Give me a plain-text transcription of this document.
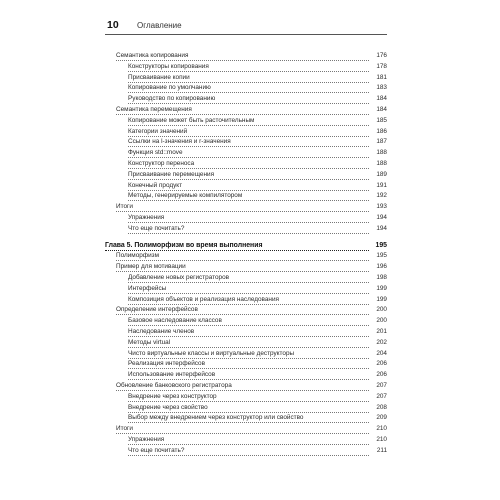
10 Оглавление
Семантика копирования	176
Конструкторы копирования	178
Присваивание копии	181
Копирование по умолчанию	183
Руководство по копированию	184
Семантика перемещения	184
Копирование может быть расточительным	185
Категории значений	186
Ссылки на l-значения и r-значения	187
Функция std::move	188
Конструктор переноса	188
Присваивание перемещения	189
Конечный продукт	191
Методы, генерируемые компилятором	192
Итоги	193
Упражнения	194
Что еще почитать?	194
Глава 5. Полиморфизм во время выполнения	195
Полиморфизм	195
Пример для мотивации	196
Добавление новых регистраторов	198
Интерфейсы	199
Композиция объектов и реализация наследования	199
Определение интерфейсов	200
Базовое наследование классов	200
Наследование членов	201
Методы virtual	202
Чисто виртуальные классы и виртуальные деструкторы	204
Реализация интерфейсов	206
Использование интерфейсов	206
Обновление банковского регистратора	207
Внедрение через конструктор	207
Внедрение через свойство	208
Выбор между внедрением через конструктор или свойство	209
Итоги	210
Упражнения	210
Что еще почитать?	211
